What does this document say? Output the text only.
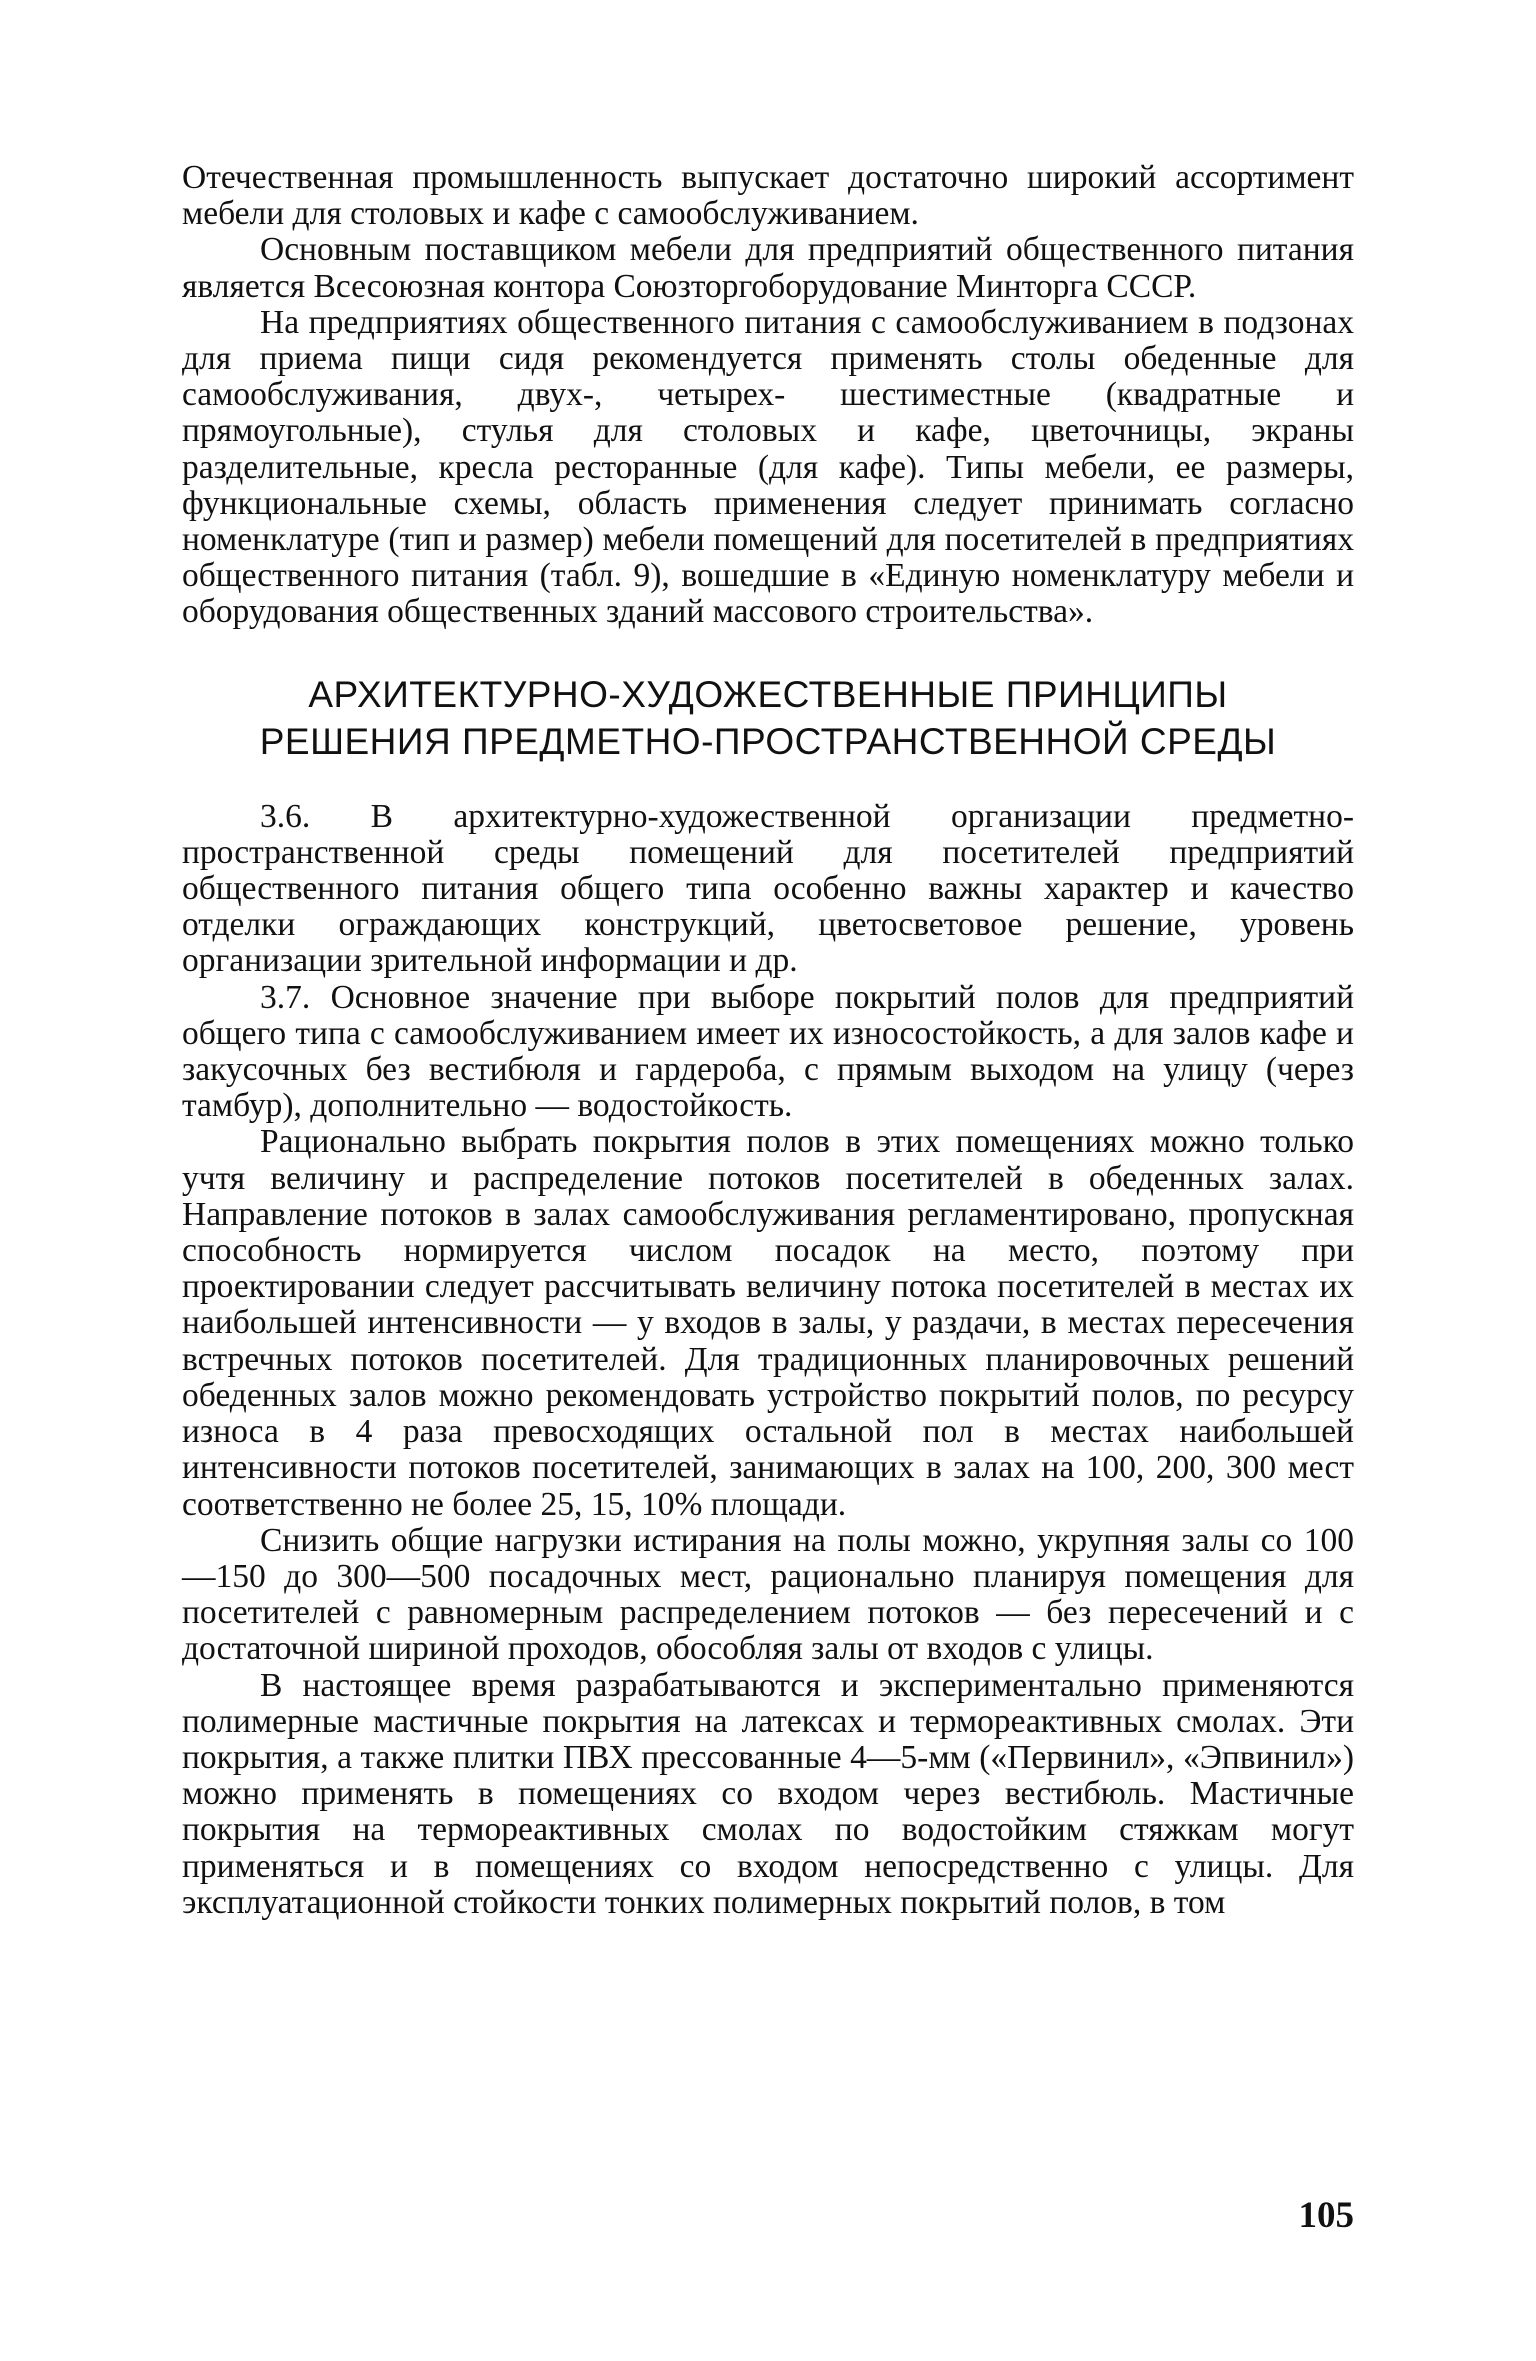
Отечественная промышленность выпускает достаточно широкий ассортимент мебели для столовых и кафе с самообслуживанием.

Основным поставщиком мебели для предприятий общественного питания является Всесоюзная контора Союзторгоборудование Минторга СССР.

На предприятиях общественного питания с самообслуживанием в подзонах для приема пищи сидя рекомендуется применять столы обеденные для самообслуживания, двух-, четырех- шестиместные (квадратные и прямоугольные), стулья для столовых и кафе, цветочницы, экраны разделительные, кресла ресторанные (для кафе). Типы мебели, ее размеры, функциональные схемы, область применения следует принимать согласно номенклатуре (тип и размер) мебели помещений для посетителей в предприятиях общественного питания (табл. 9), вошедшие в «Единую номенклатуру мебели и оборудования общественных зданий массового строительства».

АРХИТЕКТУРНО-ХУДОЖЕСТВЕННЫЕ ПРИНЦИПЫ
РЕШЕНИЯ ПРЕДМЕТНО-ПРОСТРАНСТВЕННОЙ СРЕДЫ

3.6. В архитектурно-художественной организации предметно-пространственной среды помещений для посетителей предприятий общественного питания общего типа особенно важны характер и качество отделки ограждающих конструкций, цветосветовое решение, уровень организации зрительной информации и др.

3.7. Основное значение при выборе покрытий полов для предприятий общего типа с самообслуживанием имеет их износостойкость, а для залов кафе и закусочных без вестибюля и гардероба, с прямым выходом на улицу (через тамбур), дополнительно — водостойкость.

Рационально выбрать покрытия полов в этих помещениях можно только учтя величину и распределение потоков посетителей в обеденных залах. Направление потоков в залах самообслуживания регламентировано, пропускная способность нормируется числом посадок на место, поэтому при проектировании следует рассчитывать величину потока посетителей в местах их наибольшей интенсивности — у входов в залы, у раздачи, в местах пересечения встречных потоков посетителей. Для традиционных планировочных решений обеденных залов можно рекомендовать устройство покрытий полов, по ресурсу износа в 4 раза превосходящих остальной пол в местах наибольшей интенсивности потоков посетителей, занимающих в залах на 100, 200, 300 мест соответственно не более 25, 15, 10% площади.

Снизить общие нагрузки истирания на полы можно, укрупняя залы со 100—150 до 300—500 посадочных мест, рационально планируя помещения для посетителей с равномерным распределением потоков — без пересечений и с достаточной шириной проходов, обособляя залы от входов с улицы.

В настоящее время разрабатываются и экспериментально применяются полимерные мастичные покрытия на латексах и термореактивных смолах. Эти покрытия, а также плитки ПВХ прессованные 4—5-мм («Первинил», «Эпвинил») можно применять в помещениях со входом через вестибюль. Мастичные покрытия на термореактивных смолах по водостойким стяжкам могут применяться и в помещениях со входом непосредственно с улицы. Для эксплуатационной стойкости тонких полимерных покрытий полов, в том

105
